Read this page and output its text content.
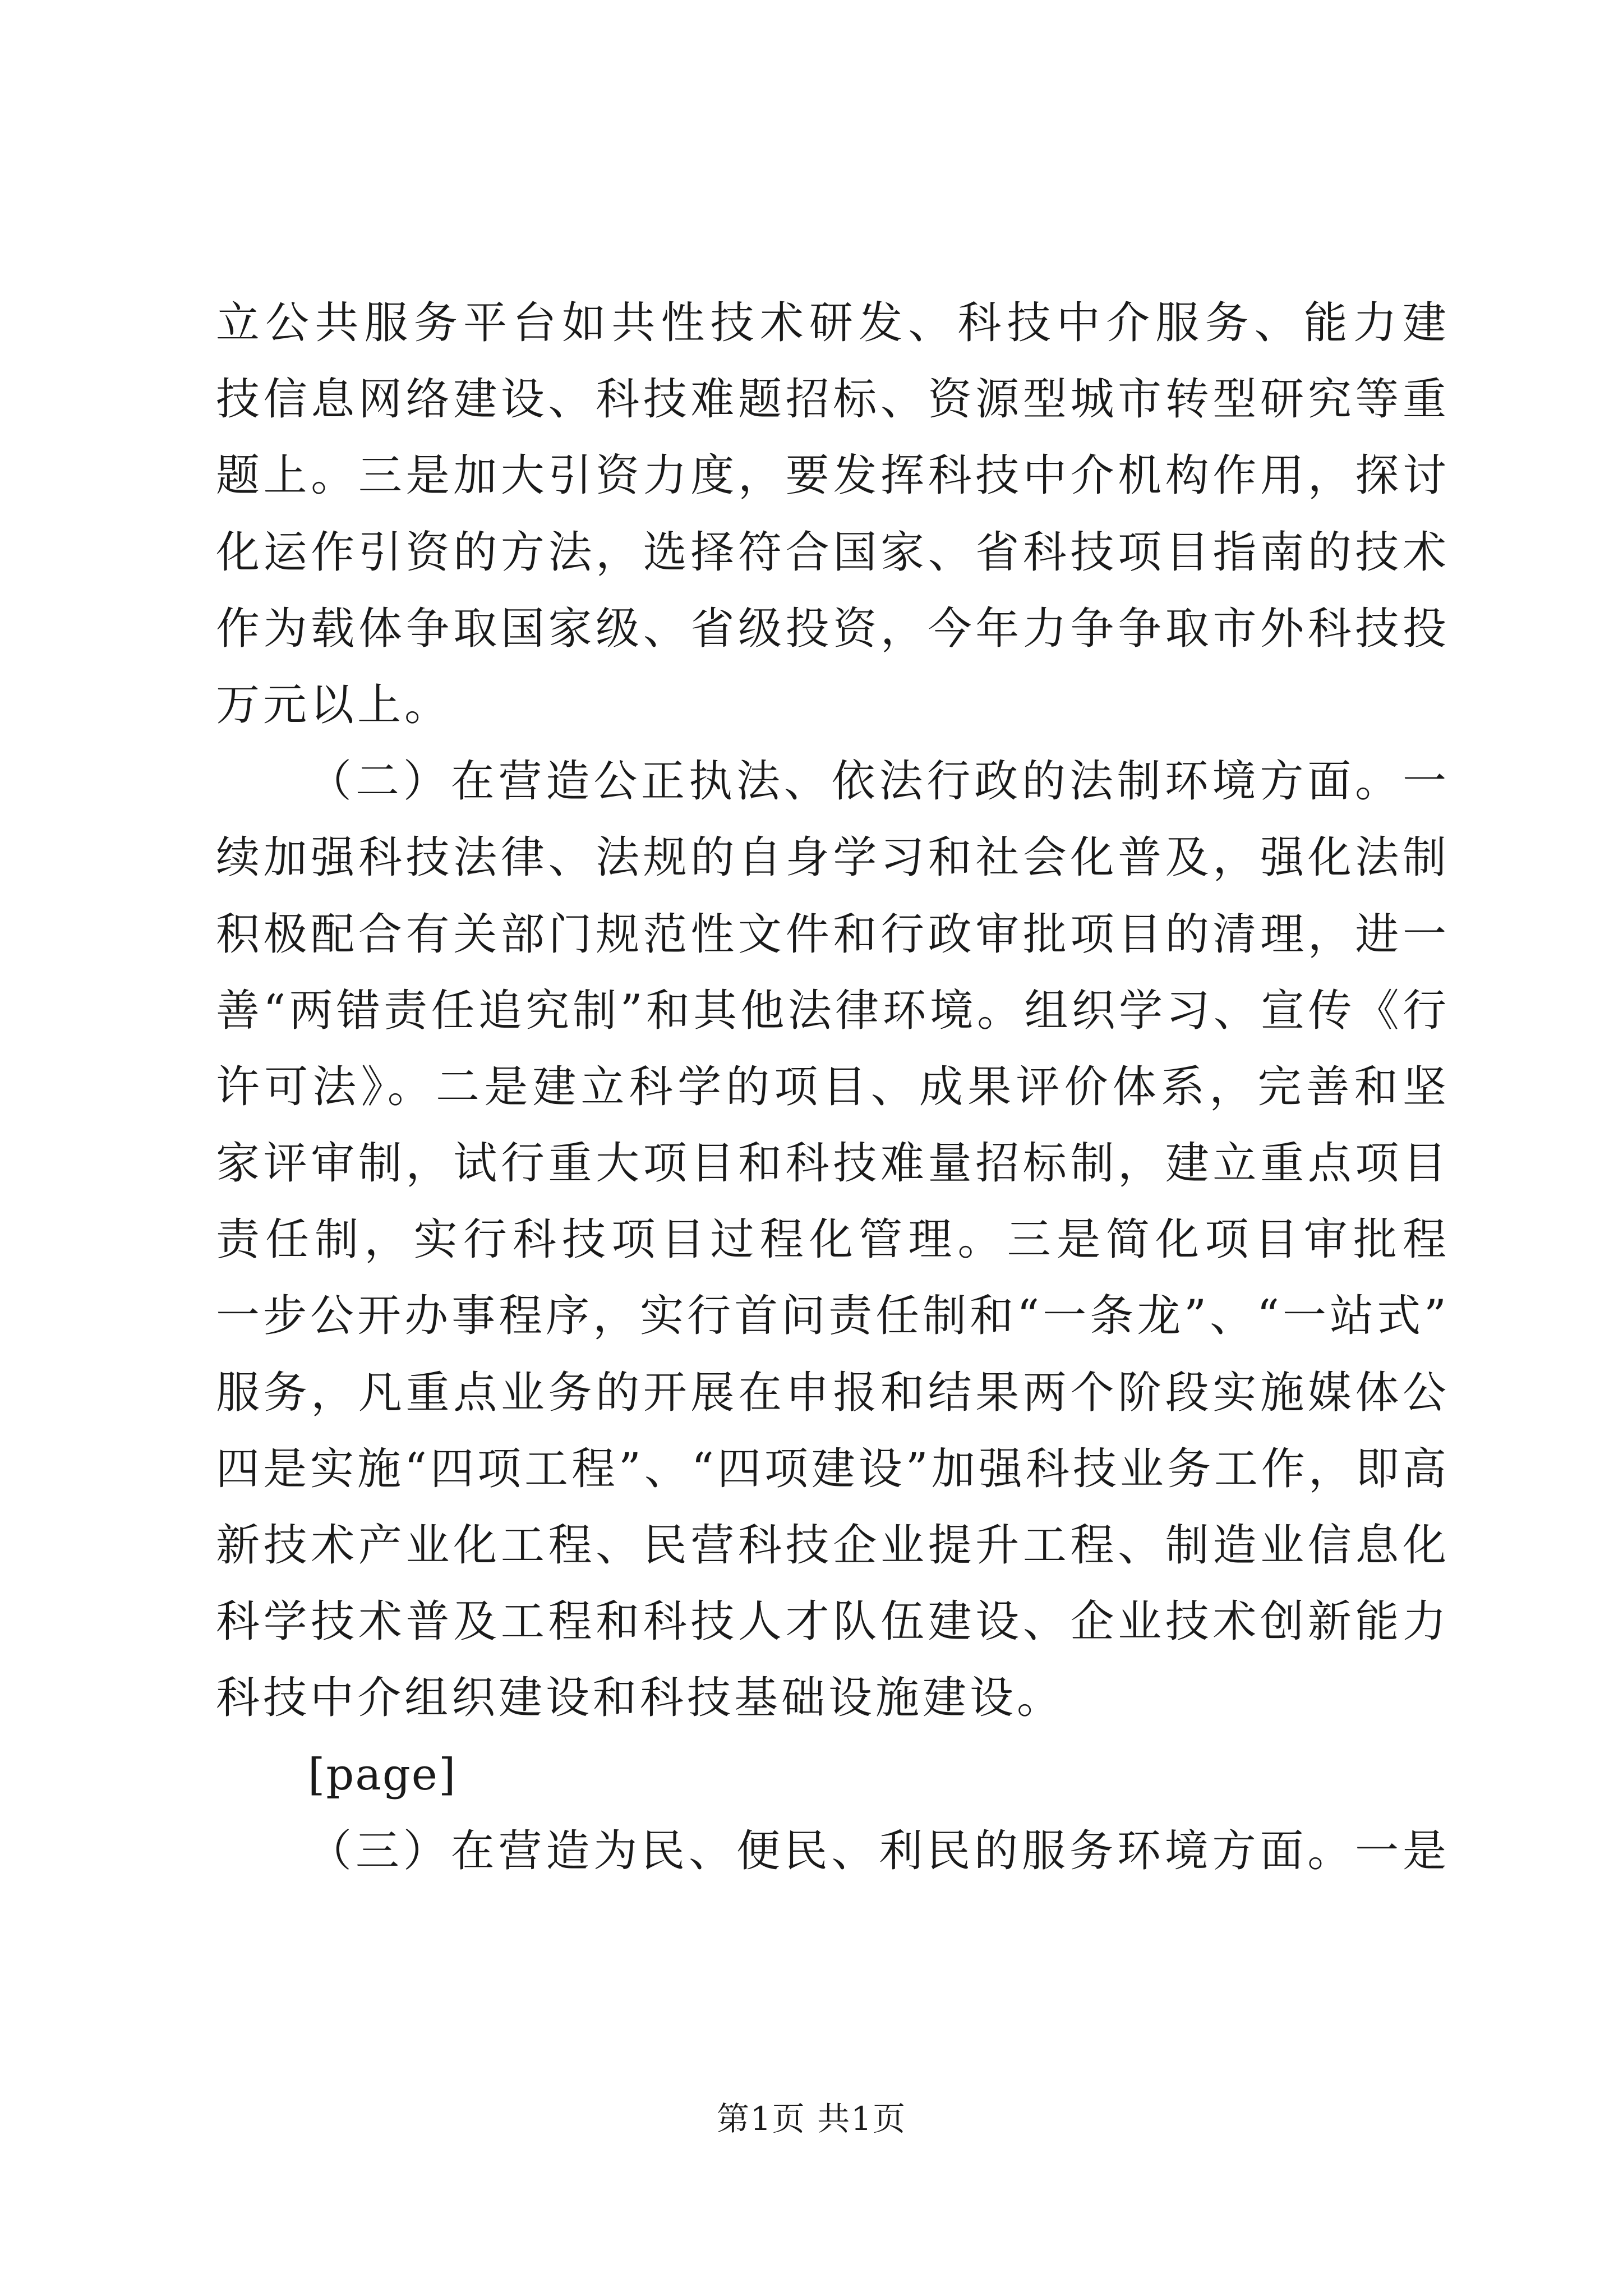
立公共服务平台如共性技术研发、科技中介服务、能力建
技信息网络建设、科技难题招标、资源型城市转型研究等重
题上。三是加大引资力度，要发挥科技中介机构作用，探讨
化运作引资的方法，选择符合国家、省科技项目指南的技术
作为载体争取国家级、省级投资，今年力争争取市外科技投
万元以上。
（二）在营造公正执法、依法行政的法制环境方面。一
续加强科技法律、法规的自身学习和社会化普及，强化法制
积极配合有关部门规范性文件和行政审批项目的清理，进一
善“两错责任追究制”和其他法律环境。组织学习、宣传《行
许可法》。二是建立科学的项目、成果评价体系，完善和坚
家评审制，试行重大项目和科技难量招标制，建立重点项目
责任制，实行科技项目过程化管理。三是简化项目审批程
一步公开办事程序，实行首问责任制和“一条龙”、“一站式”
服务，凡重点业务的开展在申报和结果两个阶段实施媒体公
四是实施“四项工程”、“四项建设”加强科技业务工作，即高
新技术产业化工程、民营科技企业提升工程、制造业信息化
科学技术普及工程和科技人才队伍建设、企业技术创新能力
科技中介组织建设和科技基础设施建设。
[page]
（三）在营造为民、便民、利民的服务环境方面。一是
第1页 共1页
